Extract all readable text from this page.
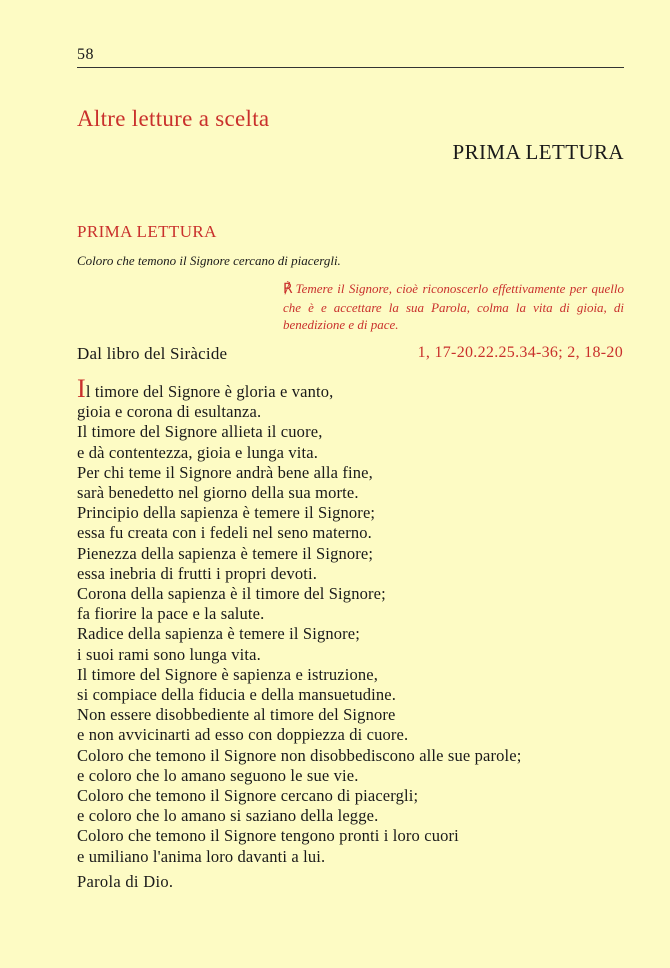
58
Altre letture a scelta
PRIMA LETTURA
PRIMA LETTURA
Coloro che temono il Signore cercano di piacergli.
℟ Temere il Signore, cioè riconoscerlo effettivamente per quello che è e accettare la sua Parola, colma la vita di gioia, di benedizione e di pace.
Dal libro del Siràcide	1, 17-20.22.25.34-36; 2, 18-20
Il timore del Signore è gloria e vanto,
gioia e corona di esultanza.
Il timore del Signore allieta il cuore,
e dà contentezza, gioia e lunga vita.
Per chi teme il Signore andrà bene alla fine,
sarà benedetto nel giorno della sua morte.
Principio della sapienza è temere il Signore;
essa fu creata con i fedeli nel seno materno.
Pienezza della sapienza è temere il Signore;
essa inebria di frutti i propri devoti.
Corona della sapienza è il timore del Signore;
fa fiorire la pace e la salute.
Radice della sapienza è temere il Signore;
i suoi rami sono lunga vita.
Il timore del Signore è sapienza e istruzione,
si compiace della fiducia e della mansuetudine.
Non essere disobbediente al timore del Signore
e non avvicinarti ad esso con doppiezza di cuore.
Coloro che temono il Signore non disobbediscono alle sue parole;
e coloro che lo amano seguono le sue vie.
Coloro che temono il Signore cercano di piacergli;
e coloro che lo amano si saziano della legge.
Coloro che temono il Signore tengono pronti i loro cuori
e umiliano l'anima loro davanti a lui.
Parola di Dio.
